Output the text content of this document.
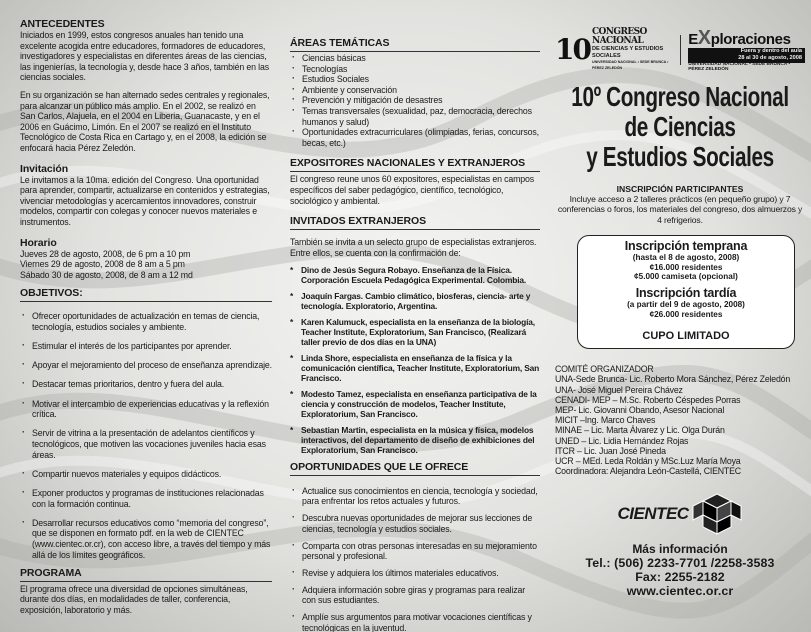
ANTECEDENTES
Iniciados en 1999, estos congresos anuales han tenido una excelente acogida entre educadores, formadores de educadores, investigadores y especialistas en diferentes áreas de las ciencias, las ingenierías, la tecnología y, desde hace 3 años, también en las ciencias sociales.
En su organización se han alternado sedes centrales y regionales, para alcanzar un público más amplio. En el 2002, se realizó en San Carlos, Alajuela, en el 2004 en Liberia, Guanacaste, y en el 2006 en Guácimo, Limón. En el 2007 se realizó en el Instituto Tecnológico de Costa Rica en Cartago y, en el 2008, la edición se enfocará hacia Pérez Zeledón.
Invitación
Le invitamos a la 10ma. edición del Congreso. Una oportunidad para aprender, compartir, actualizarse en contenidos y estrategias, vivenciar metodologías y acercamientos innovadores, construir modelos, compartir con colegas y conocer nuevos materiales e instrumentos.
Horario
Jueves 28 de agosto, 2008, de 6 pm a 10 pm
Viernes 29 de agosto, 2008 de 8 am a 5 pm
Sábado 30 de agosto, 2008, de 8 am a 12 md
OBJETIVOS:
· Ofrecer oportunidades de actualización en temas de ciencia, tecnología, estudios sociales y ambiente.
· Estimular el interés de los participantes por aprender.
· Apoyar el mejoramiento del proceso de enseñanza aprendizaje.
· Destacar temas prioritarios, dentro y fuera del aula.
· Motivar el intercambio de experiencias educativas y la reflexión crítica.
· Servir de vitrina a la presentación de adelantos científicos y tecnológicos, que motiven las vocaciones juveniles hacia esas áreas.
· Compartir nuevos materiales y equipos didácticos.
· Exponer productos y programas de instituciones relacionadas con la formación continua.
· Desarrollar recursos educativos como “memoria del congreso”, que se disponen en formato pdf. en la web de CIENTEC (www.cientec.or.cr), con acceso libre, a través del tiempo y más allá de los límites geográficos.
PROGRAMA
El programa ofrece una diversidad de opciones simultáneas, durante dos días, en modalidades de taller, conferencia, exposición, laboratorio y más.
ÁREAS TEMÁTICAS
· Ciencias básicas
· Tecnologías
· Estudios Sociales
· Ambiente y conservación
· Prevención y mitigación de desastres
· Temas transversales (sexualidad, paz, democracia, derechos humanos y salud)
· Oportunidades extracurriculares (olimpiadas, ferias, concursos, becas, etc.)
EXPOSITORES NACIONALES Y EXTRANJEROS
El congreso reune unos 60 expositores, especialistas en campos específicos del saber pedagógico, científico, tecnológico, sociológico y ambiental.
INVITADOS EXTRANJEROS
También se invita a un selecto grupo de especialistas extranjeros. Entre ellos, se cuenta con la confirmación de:
* Dino de Jesús Segura Robayo. Enseñanza de la Física. Corporación Escuela Pedagógica Experimental. Colombia.
* Joaquín Fargas. Cambio climático, biosferas, ciencia- arte y tecnología. Exploratorio, Argentina.
* Karen Kalumuck, especialista en la enseñanza de la biología, Teacher Institute, Exploratorium, San Francisco, (Realizará taller previo de dos días en la UNA)
* Linda Shore, especialista en enseñanza de la física y la comunicación científica, Teacher Institute, Exploratorium, San Francisco.
* Modesto Tamez, especialista en enseñanza participativa de la ciencia y construcción de modelos, Teacher Institute, Exploratorium, San Francisco.
* Sebastian Martin, especialista en la música y física, modelos interactivos, del departamento de diseño de exhibiciones del Exploratorium, San Francisco.
OPORTUNIDADES QUE LE OFRECE
· Actualice sus conocimientos en ciencia, tecnología y sociedad, para enfrentar los retos actuales y futuros.
· Descubra nuevas oportunidades de mejorar sus lecciones de ciencias, tecnología y estudios sociales.
· Comparta con otras personas interesadas en su mejoramiento personal y profesional.
· Revise y adquiera los últimos materiales educativos.
· Adquiera información sobre giras y programas para realizar con sus estudiantes.
· Amplíe sus argumentos para motivar vocaciones científicas y tecnológicas en la juventud.
10
CONGRESO NACIONAL
DE CIENCIAS Y ESTUDIOS SOCIALES
UNIVERSIDAD NACIONAL • SEDE BRUNCA • PÉREZ ZELEDÓN
EXploraciones
Fuera y dentro del aula
28 al 30 de agosto, 2008
UNIVERSIDAD NACIONAL • SEDE BRUNCA • PÉREZ ZELEDÓN
10º Congreso Nacional
de Ciencias
y Estudios Sociales
INSCRIPCIÓN PARTICIPANTES
Incluye acceso a 2 talleres prácticos (en pequeño grupo) y 7 conferencias o foros, los materiales del congreso, dos almuerzos y 4 refrigerios.
Inscripción temprana
(hasta el 8 de agosto, 2008)
¢16.000 residentes
¢5.000 camiseta (opcional)
Inscripción tardía
(a partir del 9 de agosto, 2008)
¢26.000 residentes
CUPO LIMITADO
COMITÉ ORGANIZADOR
UNA-Sede Brunca- Lic. Roberto Mora Sánchez, Pérez Zeledón
UNA- José Miguel Pereira Chávez
CENADI- MEP – M.Sc. Roberto Céspedes Porras
MEP- Lic. Giovanni Obando, Asesor Nacional
MICIT –Ing. Marco Chaves
MINAE – Lic. Marta Álvarez y Lic. Olga Durán
UNED – Lic. Lidia Hernández Rojas
ITCR – Lic. Juan José Pineda
UCR – MEd. Leda Roldán y MSc.Luz María Moya
Coordinadora: Alejandra León-Castellá, CIENTEC
CIENTEC
Más información
Tel.: (506) 2233-7701 /2258-3583
Fax: 2255-2182
www.cientec.or.cr
